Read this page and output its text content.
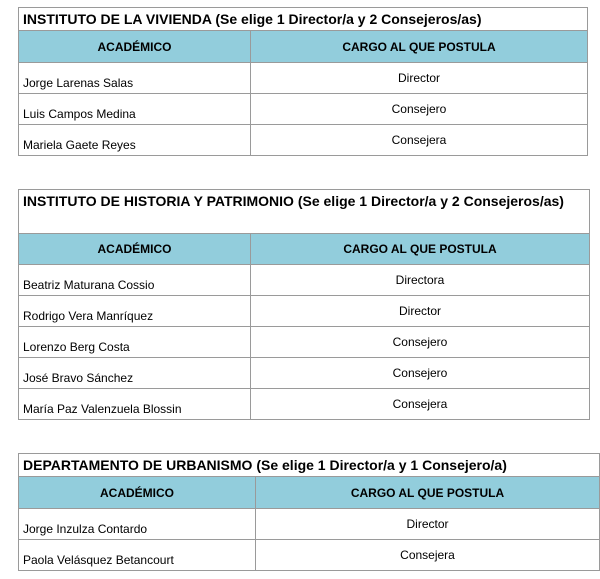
INSTITUTO DE LA VIVIENDA (Se elige 1 Director/a y 2 Consejeros/as)	
ACADÉMICO	CARGO AL QUE POSTULA
Jorge Larenas Salas	Director
Luis Campos Medina	Consejero
Mariela Gaete Reyes	Consejera
INSTITUTO DE HISTORIA Y PATRIMONIO (Se elige 1 Director/a y 2 Consejeros/as)	
ACADÉMICO	CARGO AL QUE POSTULA
Beatriz Maturana Cossio	Directora
Rodrigo Vera Manríquez	Director
Lorenzo Berg Costa	Consejero
José Bravo Sánchez	Consejero
María Paz Valenzuela Blossin	Consejera
DEPARTAMENTO DE URBANISMO (Se elige 1 Director/a y 1 Consejero/a)	
ACADÉMICO	CARGO AL QUE POSTULA
Jorge Inzulza Contardo	Director
Paola Velásquez Betancourt	Consejera
